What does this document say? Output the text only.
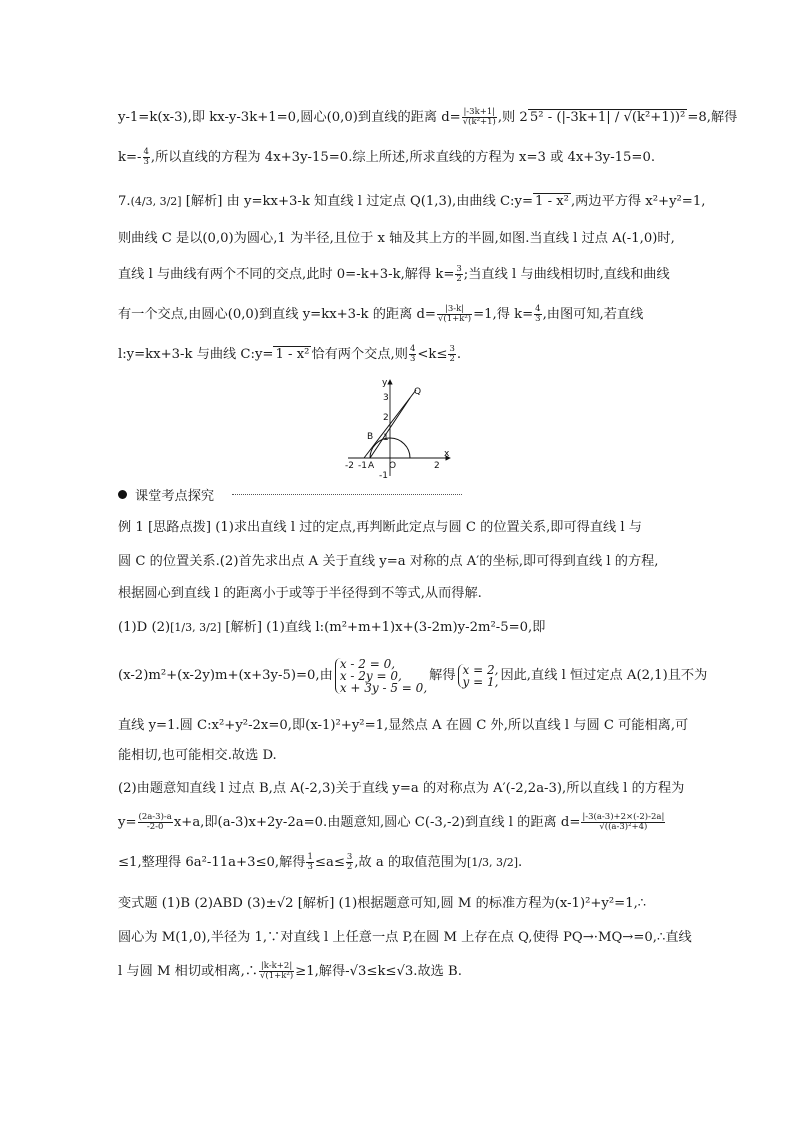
y-1=k(x-3),即 kx-y-3k+1=0,圆心(0,0)到直线的距离 $d= \frac{|-3k+1|}{\text{√(k²+1)}}$ ,则 2 5² - (|-3k+1| / √(k²+1))² =8,解得
$k=- \frac{4}{3}$ ,所以直线的方程为 4x+3y-15=0.综上所述,所求直线的方程为 x=3 或 4x+3y-15=0.
7.(4/3, 3/2] [解析] 由 y=kx+3-k 知直线 l 过定点 Q(1,3),由曲线 C:y= 1 - x² ,两边平方得 x²+y²=1,
则曲线 C 是以(0,0)为圆心,1 为半径,且位于 x 轴及其上方的半圆,如图.当直线 l 过点 A(-1,0)时,
直线 l 与曲线有两个不同的交点,此时 0=-k+3-k,解得 $k= \frac{3}{2}$ ;当直线 l 与曲线相切时,直线和曲线
有一个交点,由圆心(0,0)到直线 y=kx+3-k 的距离 $d= \frac{|3-k|}{\text{√(1+k²)}} =1$,得 $k= \frac{4}{3}$ ,由图可知,若直线
l:y=kx+3-k 与曲线 C:y= 1 - x² 恰有两个交点,则 $\frac{4}{3} <k\le \frac{3}{2}$ .
x
y
Q
B
A O
-2 -1	2
3
2
1
-1
课堂考点探究
例 1 [思路点拨] (1)求出直线 l 过的定点,再判断此定点与圆 C 的位置关系,即可得直线 l 与
圆 C 的位置关系.(2)首先求出点 A 关于直线 y=a 对称的点 A′的坐标,即可得到直线 l 的方程,
根据圆心到直线 l 的距离小于或等于半径得到不等式,从而得解.
(1)D (2)[1/3, 3/2] [解析] (1)直线 l:(m²+m+1)x+(3-2m)y-2m²-5=0,即
(x-2)m²+(x-2y)m+(x+3y-5)=0,由
x - 2 = 0,
x - 2y = 0,
x + 3y - 5 = 0,
解得 x = 2,
y = 1, 因此,直线 l 恒过定点 A(2,1)且不为
直线 y=1.圆 C:x²+y²-2x=0,即(x-1)²+y²=1,显然点 A 在圆 C 外,所以直线 l 与圆 C 可能相离,可
能相切,也可能相交.故选 D.
(2)由题意知直线 l 过点 B,点 A(-2,3)关于直线 y=a 的对称点为 A′(-2,2a-3),所以直线 l 的方程为
$y= \frac{(2a-3)-a}{-2-0} x+a$,即(a-3)x+2y-2a=0.由题意知,圆心 C(-3,-2)到直线 l 的距离 $d= \frac{|-3(a-3)+2\times(-2)-2a|}{\text{√((a-3)²+4)}}$
≤1,整理得 6a²-11a+3≤0,解得 $\frac{1}{3} \le a\le \frac{3}{2}$ ,故 a 的取值范围为[1/3, 3/2].
变式题 (1)B (2)ABD (3)±√2 [解析] (1)根据题意可知,圆 M 的标准方程为(x-1)²+y²=1,∴
圆心为 M(1,0),半径为 1,∵对直线 l 上任意一点 P,在圆 M 上存在点 Q,使得 PQ→·MQ→=0,∴直线
l 与圆 M 相切或相离,∴ $\frac{|k-k+2|}{\text{√(1+k²)}} \ge 1$,解得-√3≤k≤√3.故选 B.
